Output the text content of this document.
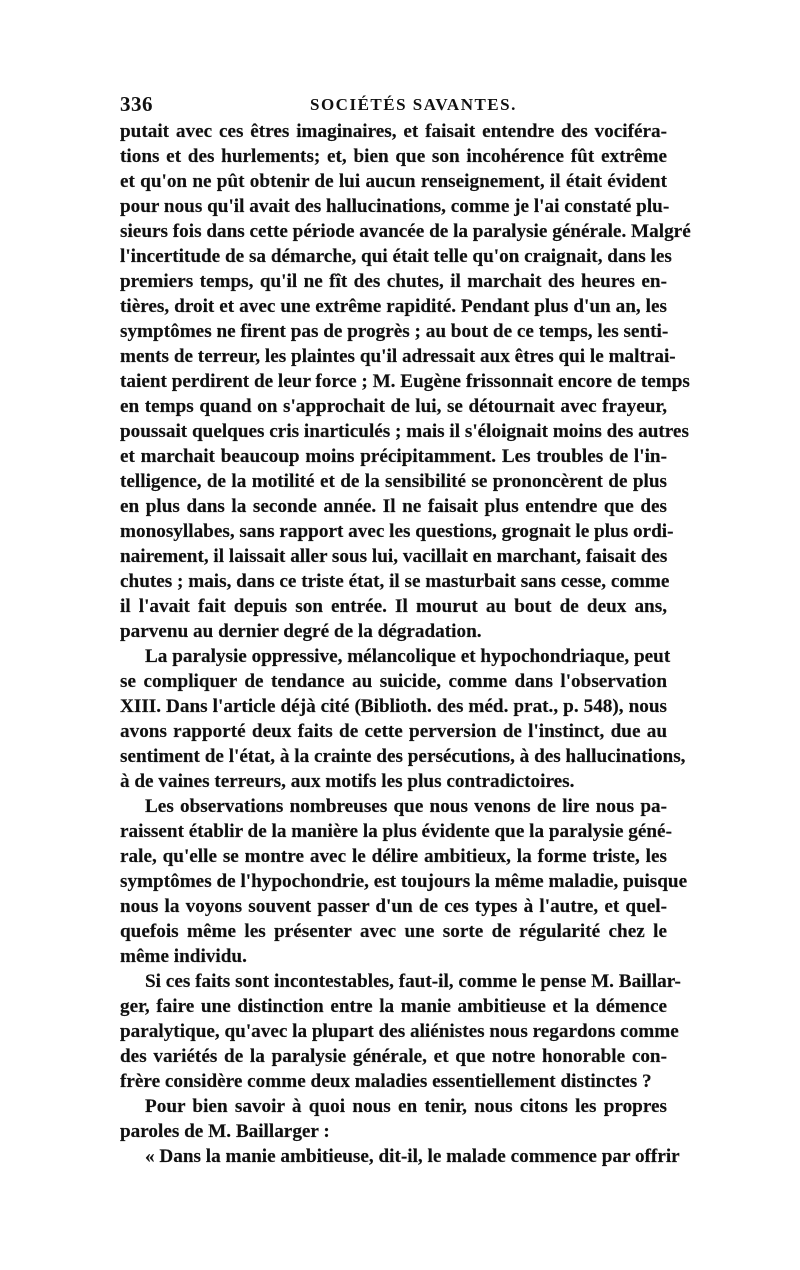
336	SOCIÉTÉS SAVANTES.
putait avec ces êtres imaginaires, et faisait entendre des vociféra-
tions et des hurlements; et, bien que son incohérence fût extrême
et qu'on ne pût obtenir de lui aucun renseignement, il était évident
pour nous qu'il avait des hallucinations, comme je l'ai constaté plu-
sieurs fois dans cette période avancée de la paralysie générale. Malgré
l'incertitude de sa démarche, qui était telle qu'on craignait, dans les
premiers temps, qu'il ne fît des chutes, il marchait des heures en-
tières, droit et avec une extrême rapidité. Pendant plus d'un an, les
symptômes ne firent pas de progrès ; au bout de ce temps, les senti-
ments de terreur, les plaintes qu'il adressait aux êtres qui le maltrai-
taient perdirent de leur force ; M. Eugène frissonnait encore de temps
en temps quand on s'approchait de lui, se détournait avec frayeur,
poussait quelques cris inarticulés ; mais il s'éloignait moins des autres
et marchait beaucoup moins précipitamment. Les troubles de l'in-
telligence, de la motilité et de la sensibilité se prononcèrent de plus
en plus dans la seconde année. Il ne faisait plus entendre que des
monosyllabes, sans rapport avec les questions, grognait le plus ordi-
nairement, il laissait aller sous lui, vacillait en marchant, faisait des
chutes ; mais, dans ce triste état, il se masturbait sans cesse, comme
il l'avait fait depuis son entrée. Il mourut au bout de deux ans,
parvenu au dernier degré de la dégradation.
La paralysie oppressive, mélancolique et hypochondriaque, peut
se compliquer de tendance au suicide, comme dans l'observation
XIII. Dans l'article déjà cité (Biblioth. des méd. prat., p. 548), nous
avons rapporté deux faits de cette perversion de l'instinct, due au
sentiment de l'état, à la crainte des persécutions, à des hallucinations,
à de vaines terreurs, aux motifs les plus contradictoires.
Les observations nombreuses que nous venons de lire nous pa-
raissent établir de la manière la plus évidente que la paralysie géné-
rale, qu'elle se montre avec le délire ambitieux, la forme triste, les
symptômes de l'hypochondrie, est toujours la même maladie, puisque
nous la voyons souvent passer d'un de ces types à l'autre, et quel-
quefois même les présenter avec une sorte de régularité chez le
même individu.
Si ces faits sont incontestables, faut-il, comme le pense M. Baillar-
ger, faire une distinction entre la manie ambitieuse et la démence
paralytique, qu'avec la plupart des aliénistes nous regardons comme
des variétés de la paralysie générale, et que notre honorable con-
frère considère comme deux maladies essentiellement distinctes ?
Pour bien savoir à quoi nous en tenir, nous citons les propres
paroles de M. Baillarger :
« Dans la manie ambitieuse, dit-il, le malade commence par offrir
